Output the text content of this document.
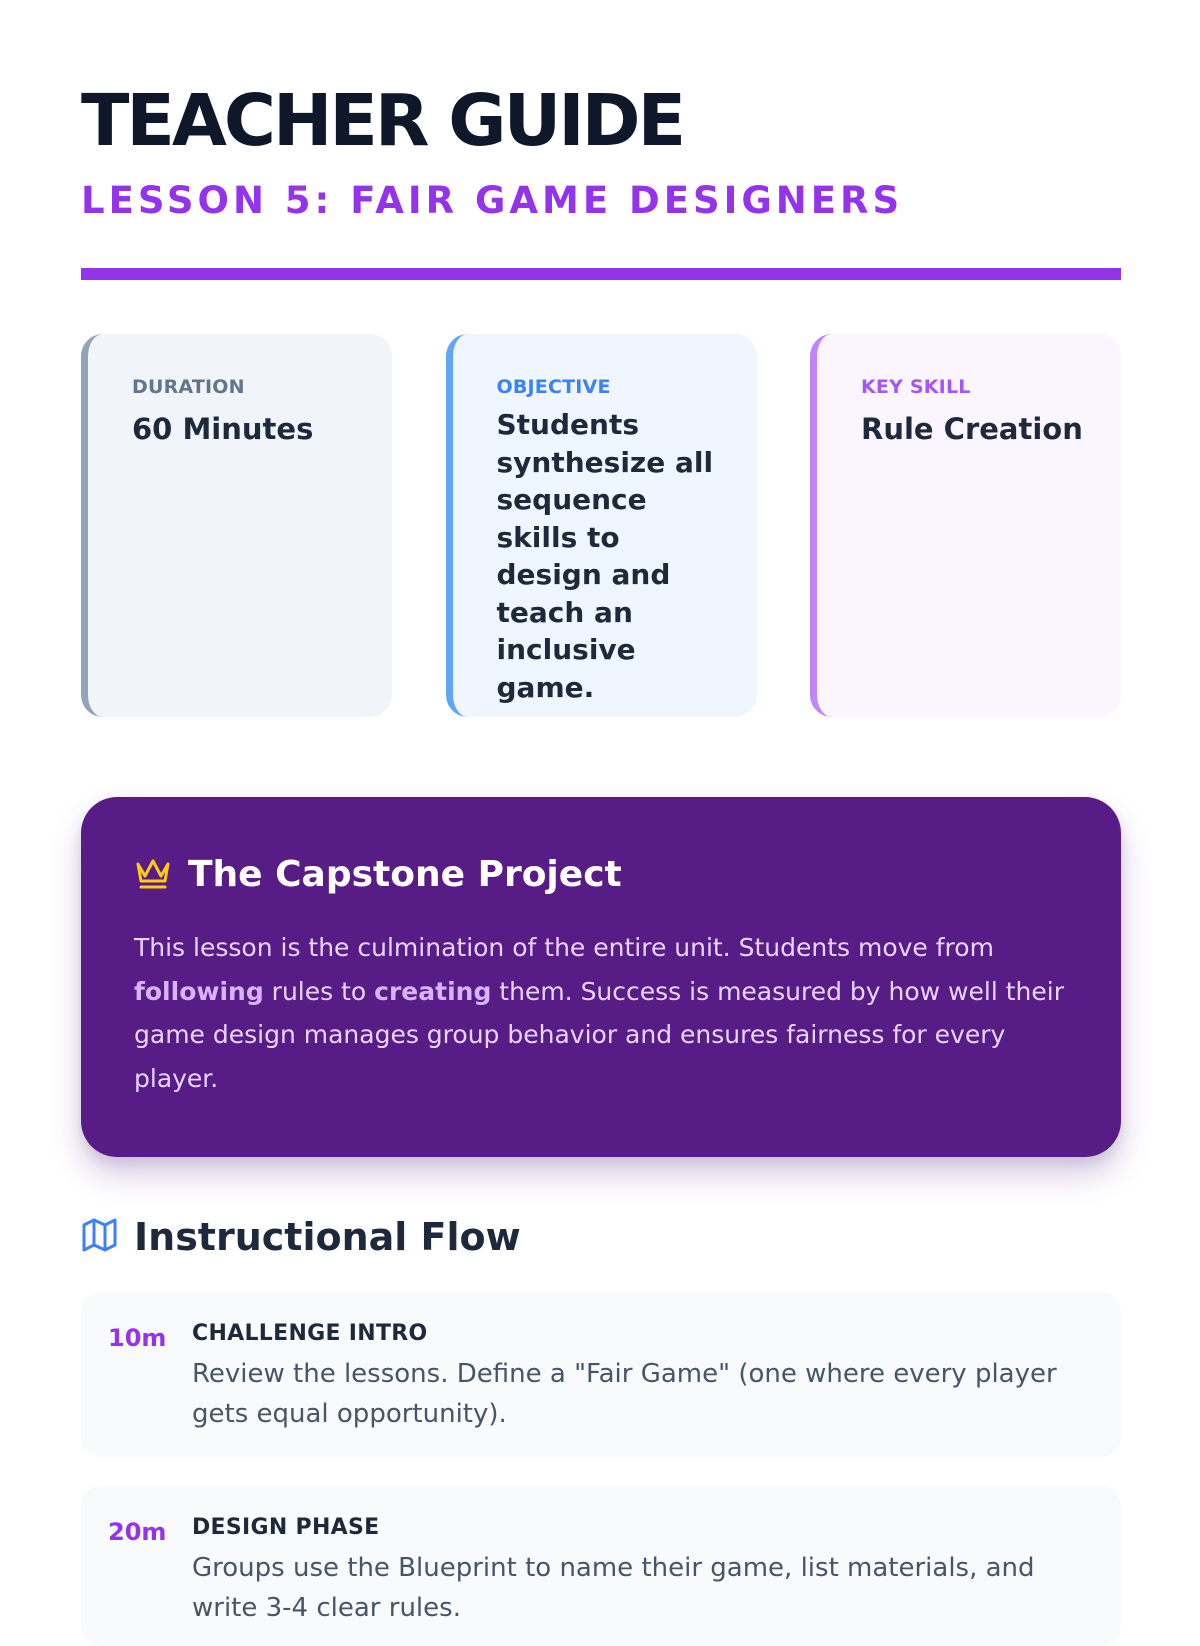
TEACHER GUIDE
LESSON 5: FAIR GAME DESIGNERS
DURATION
60 Minutes
OBJECTIVE
Students synthesize all sequence skills to design and teach an inclusive game.
KEY SKILL
Rule Creation
The Capstone Project

This lesson is the culmination of the entire unit. Students move from following rules to creating them. Success is measured by how well their game design manages group behavior and ensures fairness for every player.

Instructional Flow
10m	CHALLENGE INTRO
Review the lessons. Define a "Fair Game" (one where every player gets equal opportunity).
20m	DESIGN PHASE
Groups use the Blueprint to name their game, list materials, and write 3-4 clear rules.
